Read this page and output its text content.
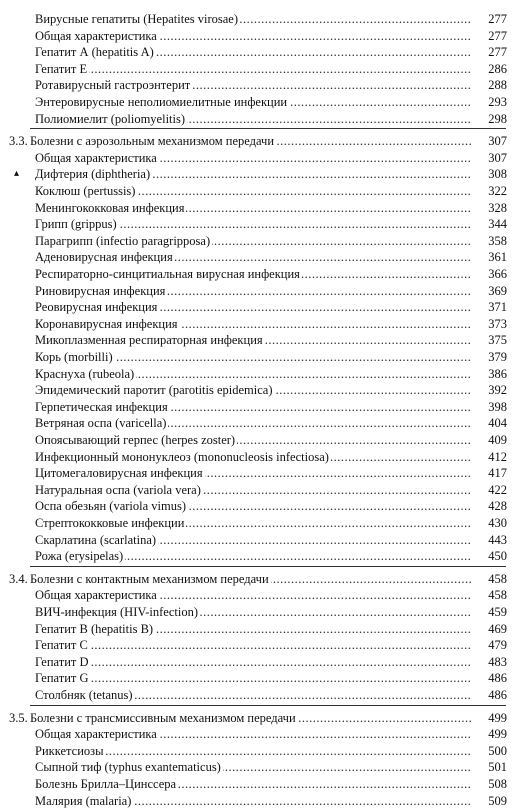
.....
Вирусные гепатиты (Hepatites virosae)	277
.....
Общая характеристика	277
.....
Гепатит А (hepatitis A)	277
.....
Гепатит Е	286
.....
Ротавирусный гастроэнтерит	288
.....
Энтеровирусные неполиомиелитные инфекции	293
.....
Полиомиелит (poliomyelitis)	298
3.3. ..... Болезни с аэрозольным механизмом передачи	307
.....
Общая характеристика	307
▴ ..... Дифтерия (diphtheria)	308
.....
Коклюш (pertussis)	322
.....
Менингококковая инфекция	328
.....
Грипп (grippus)	344
.....
Парагрипп (infectio paragripposa)	358
.....
Аденовирусная инфекция	361
.....
Респираторно-синцитиальная вирусная инфекция	366
.....
Риновирусная инфекция	369
.....
Реовирусная инфекция	371
.....
Коронавирусная инфекция	373
.....
Микоплазменная респираторная инфекция	375
.....
Корь (morbilli)	379
.....
Краснуха (rubeola)	386
.....
Эпидемический паротит (parotitis epidemica)	392
.....
Герпетическая инфекция	398
.....
Ветряная оспа (varicella)	404
.....
Опоясывающий герпес (herpes zoster)	409
.....
Инфекционный мононуклеоз (mononucleosis infectiosa)	412
.....
Цитомегаловирусная инфекция	417
.....
Натуральная оспа (variola vera)	422
.....
Оспа обезьян (variola vimus)	428
.....
Стрептококковые инфекции	430
.....
Скарлатина (scarlatina)	443
.....
Рожа (erysipelas)	450
3.4. ..... Болезни с контактным механизмом передачи	458
.....
Общая характеристика	458
.....
ВИЧ-инфекция (HIV-infection)	459
.....
Гепатит В (hepatitis B)	469
.....
Гепатит С	479
.....
Гепатит D	483
.....
Гепатит G	486
.....
Столбняк (tetanus)	486
3.5. ..... Болезни с трансмиссивным механизмом передачи	499
.....
Общая характеристика	499
.....
Риккетсиозы	500
.....
Сыпной тиф (typhus exantematicus)	501
.....
Болезнь Брилла–Цинссера	508
.....
Малярия (malaria)	509
